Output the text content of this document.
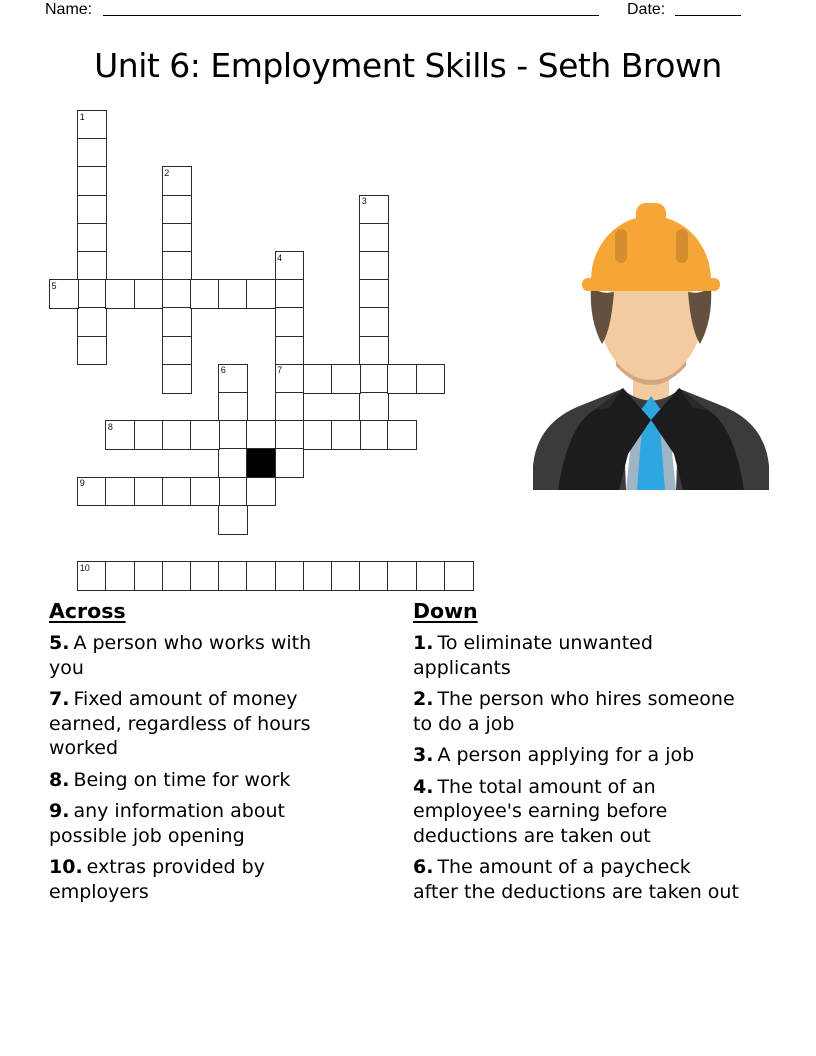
Name:	Date:
Unit 6: Employment Skills - Seth Brown
1
2
3
4
7
5
6
8
9
10

Across

5. A person who works with you

7. Fixed amount of money earned, regardless of hours worked

8. Being on time for work

9. any information about possible job opening

10. extras provided by employers

Down

1. To eliminate unwanted applicants

2. The person who hires someone to do a job

3. A person applying for a job

4. The total amount of an employee's earning before deductions are taken out

6. The amount of a paycheck after the deductions are taken out
